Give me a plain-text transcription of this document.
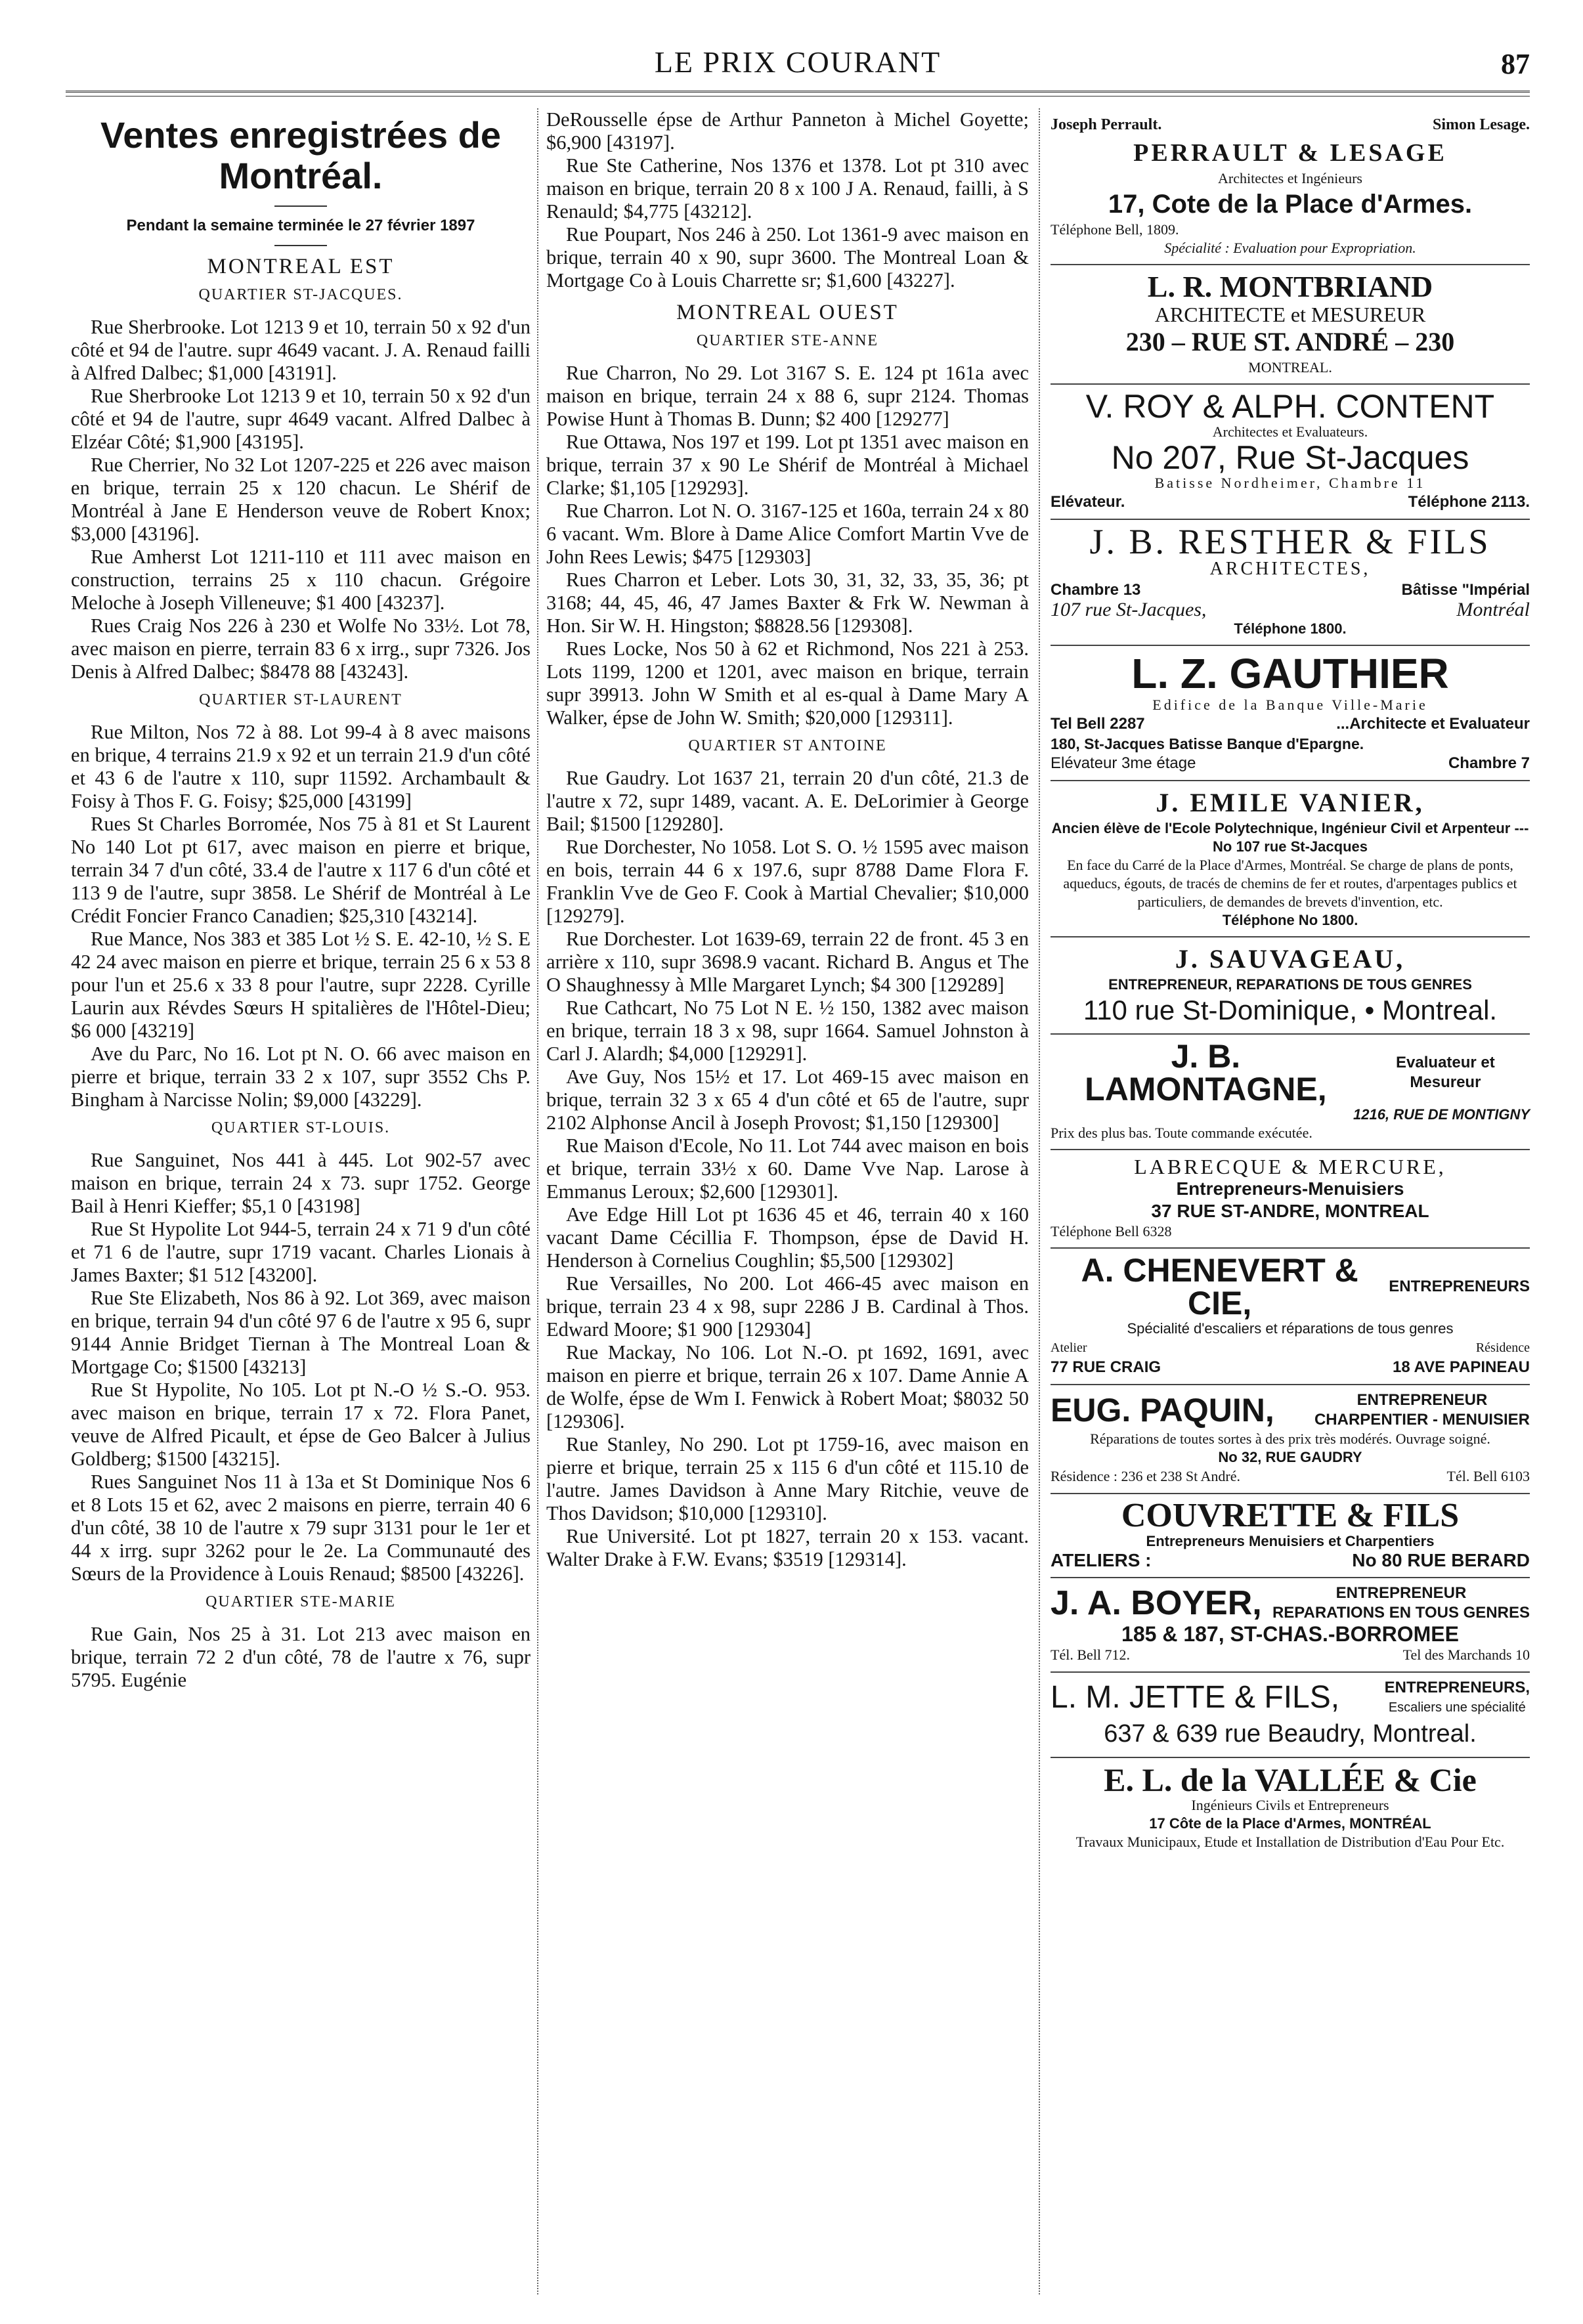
LE PRIX COURANT	87
Ventes enregistrées de Montréal.
Pendant la semaine terminée le 27 février 1897
MONTREAL EST
QUARTIER ST-JACQUES.

Rue Sherbrooke. Lot 1213 9 et 10, terrain 50 x 92 d'un côté et 94 de l'autre. supr 4649 vacant. J. A. Renaud failli à Alfred Dalbec; $1,000 [43191].

Rue Sherbrooke Lot 1213 9 et 10, terrain 50 x 92 d'un côté et 94 de l'autre, supr 4649 vacant. Alfred Dalbec à Elzéar Côté; $1,900 [43195].

Rue Cherrier, No 32 Lot 1207-225 et 226 avec maison en brique, terrain 25 x 120 chacun. Le Shérif de Montréal à Jane E Henderson veuve de Robert Knox; $3,000 [43196].

Rue Amherst Lot 1211-110 et 111 avec maison en construction, terrains 25 x 110 chacun. Grégoire Meloche à Joseph Villeneuve; $1 400 [43237].

Rues Craig Nos 226 à 230 et Wolfe No 33½. Lot 78, avec maison en pierre, terrain 83 6 x irrg., supr 7326. Jos Denis à Alfred Dalbec; $8478 88 [43243].

QUARTIER ST-LAURENT

Rue Milton, Nos 72 à 88. Lot 99-4 à 8 avec maisons en brique, 4 terrains 21.9 x 92 et un terrain 21.9 d'un côté et 43 6 de l'autre x 110, supr 11592. Archambault & Foisy à Thos F. G. Foisy; $25,000 [43199]

Rues St Charles Borromée, Nos 75 à 81 et St Laurent No 140 Lot pt 617, avec maison en pierre et brique, terrain 34 7 d'un côté, 33.4 de l'autre x 117 6 d'un côté et 113 9 de l'autre, supr 3858. Le Shérif de Montréal à Le Crédit Foncier Franco Canadien; $25,310 [43214].

Rue Mance, Nos 383 et 385 Lot ½ S. E. 42-10, ½ S. E 42 24 avec maison en pierre et brique, terrain 25 6 x 53 8 pour l'un et 25.6 x 33 8 pour l'autre, supr 2228. Cyrille Laurin aux Révdes Sœurs H spitalières de l'Hôtel-Dieu; $6 000 [43219]

Ave du Parc, No 16. Lot pt N. O. 66 avec maison en pierre et brique, terrain 33 2 x 107, supr 3552 Chs P. Bingham à Narcisse Nolin; $9,000 [43229].

QUARTIER ST-LOUIS.

Rue Sanguinet, Nos 441 à 445. Lot 902-57 avec maison en brique, terrain 24 x 73. supr 1752. George Bail à Henri Kieffer; $5,1 0 [43198]

Rue St Hypolite Lot 944-5, terrain 24 x 71 9 d'un côté et 71 6 de l'autre, supr 1719 vacant. Charles Lionais à James Baxter; $1 512 [43200].

Rue Ste Elizabeth, Nos 86 à 92. Lot 369, avec maison en brique, terrain 94 d'un côté 97 6 de l'autre x 95 6, supr 9144 Annie Bridget Tiernan à The Montreal Loan & Mortgage Co; $1500 [43213]

Rue St Hypolite, No 105. Lot pt N.-O ½ S.-O. 953. avec maison en brique, terrain 17 x 72. Flora Panet, veuve de Alfred Picault, et épse de Geo Balcer à Julius Goldberg; $1500 [43215].

Rues Sanguinet Nos 11 à 13a et St Dominique Nos 6 et 8 Lots 15 et 62, avec 2 maisons en pierre, terrain 40 6 d'un côté, 38 10 de l'autre x 79 supr 3131 pour le 1er et 44 x irrg. supr 3262 pour le 2e. La Communauté des Sœurs de la Providence à Louis Renaud; $8500 [43226].

QUARTIER STE-MARIE

Rue Gain, Nos 25 à 31. Lot 213 avec maison en brique, terrain 72 2 d'un côté, 78 de l'autre x 76, supr 5795. Eugénie

DeRousselle épse de Arthur Panneton à Michel Goyette; $6,900 [43197].

Rue Ste Catherine, Nos 1376 et 1378. Lot pt 310 avec maison en brique, terrain 20 8 x 100 J A. Renaud, failli, à S Renauld; $4,775 [43212].

Rue Poupart, Nos 246 à 250. Lot 1361-9 avec maison en brique, terrain 40 x 90, supr 3600. The Montreal Loan & Mortgage Co à Louis Charrette sr; $1,600 [43227].

MONTREAL OUEST
QUARTIER STE-ANNE

Rue Charron, No 29. Lot 3167 S. E. 124 pt 161a avec maison en brique, terrain 24 x 88 6, supr 2124. Thomas Powise Hunt à Thomas B. Dunn; $2 400 [129277]

Rue Ottawa, Nos 197 et 199. Lot pt 1351 avec maison en brique, terrain 37 x 90 Le Shérif de Montréal à Michael Clarke; $1,105 [129293].

Rue Charron. Lot N. O. 3167-125 et 160a, terrain 24 x 80 6 vacant. Wm. Blore à Dame Alice Comfort Martin Vve de John Rees Lewis; $475 [129303]

Rues Charron et Leber. Lots 30, 31, 32, 33, 35, 36; pt 3168; 44, 45, 46, 47 James Baxter & Frk W. Newman à Hon. Sir W. H. Hingston; $8828.56 [129308].

Rues Locke, Nos 50 à 62 et Richmond, Nos 221 à 253. Lots 1199, 1200 et 1201, avec maison en brique, terrain supr 39913. John W Smith et al es-qual à Dame Mary A Walker, épse de John W. Smith; $20,000 [129311].

QUARTIER ST ANTOINE

Rue Gaudry. Lot 1637 21, terrain 20 d'un côté, 21.3 de l'autre x 72, supr 1489, vacant. A. E. DeLorimier à George Bail; $1500 [129280].

Rue Dorchester, No 1058. Lot S. O. ½ 1595 avec maison en bois, terrain 44 6 x 197.6, supr 8788 Dame Flora F. Franklin Vve de Geo F. Cook à Martial Chevalier; $10,000 [129279].

Rue Dorchester. Lot 1639-69, terrain 22 de front. 45 3 en arrière x 110, supr 3698.9 vacant. Richard B. Angus et The O Shaughnessy à Mlle Margaret Lynch; $4 300 [129289]

Rue Cathcart, No 75 Lot N E. ½ 150, 1382 avec maison en brique, terrain 18 3 x 98, supr 1664. Samuel Johnston à Carl J. Alardh; $4,000 [129291].

Ave Guy, Nos 15½ et 17. Lot 469-15 avec maison en brique, terrain 32 3 x 65 4 d'un côté et 65 de l'autre, supr 2102 Alphonse Ancil à Joseph Provost; $1,150 [129300]

Rue Maison d'Ecole, No 11. Lot 744 avec maison en bois et brique, terrain 33½ x 60. Dame Vve Nap. Larose à Emmanus Leroux; $2,600 [129301].

Ave Edge Hill Lot pt 1636 45 et 46, terrain 40 x 160 vacant Dame Cécillia F. Thompson, épse de David H. Henderson à Cornelius Coughlin; $5,500 [129302]

Rue Versailles, No 200. Lot 466-45 avec maison en brique, terrain 23 4 x 98, supr 2286 J B. Cardinal à Thos. Edward Moore; $1 900 [129304]

Rue Mackay, No 106. Lot N.-O. pt 1692, 1691, avec maison en pierre et brique, terrain 26 x 107. Dame Annie A de Wolfe, épse de Wm I. Fenwick à Robert Moat; $8032 50 [129306].

Rue Stanley, No 290. Lot pt 1759-16, avec maison en pierre et brique, terrain 25 x 115 6 d'un côté et 115.10 de l'autre. James Davidson à Anne Mary Ritchie, veuve de Thos Davidson; $10,000 [129310].

Rue Université. Lot pt 1827, terrain 20 x 153. vacant. Walter Drake à F.W. Evans; $3519 [129314].

Joseph Perrault.	Simon Lesage.
PERRAULT & LESAGE
Architectes et Ingénieurs
17, Cote de la Place d'Armes.
Téléphone Bell, 1809.
Spécialité : Evaluation pour Expropriation.
L. R. MONTBRIAND
ARCHITECTE et MESUREUR
230 – RUE ST. ANDRÉ – 230
MONTREAL.
V. ROY & ALPH. CONTENT
Architectes et Evaluateurs.
No 207, Rue St-Jacques
Batisse Nordheimer, Chambre 11
Elévateur.	Téléphone 2113.
J. B. RESTHER & FILS
ARCHITECTES,
Chambre 13	Bâtisse "Impérial
107 rue St-Jacques,	Montréal
Téléphone 1800.
L. Z. GAUTHIER
Edifice de la Banque Ville-Marie
Tel Bell 2287	...Architecte et Evaluateur
180, St-Jacques Batisse Banque d'Epargne.
Elévateur 3me étage	Chambre 7
J. EMILE VANIER,
Ancien élève de l'Ecole Polytechnique, Ingénieur Civil et Arpenteur --- No 107 rue St-Jacques
En face du Carré de la Place d'Armes, Montréal. Se charge de plans de ponts, aqueducs, égouts, de tracés de chemins de fer et routes, d'arpentages publics et particuliers, de demandes de brevets d'invention, etc.
Téléphone No 1800.
J. SAUVAGEAU,
ENTREPRENEUR, REPARATIONS DE TOUS GENRES
110 rue St-Dominique, • Montreal.
J. B. LAMONTAGNE,
Evaluateur et Mesureur
1216, RUE DE MONTIGNY
Prix des plus bas. Toute commande exécutée.
LABRECQUE & MERCURE,
Entrepreneurs-Menuisiers
37 RUE ST-ANDRE, MONTREAL
Téléphone Bell 6328
A. CHENEVERT & CIE,	ENTREPRENEURS
Spécialité d'escaliers et réparations de tous genres
Atelier	Résidence
77 RUE CRAIG	18 AVE PAPINEAU
EUG. PAQUIN,	ENTREPRENEUR
CHARPENTIER - MENUISIER
Réparations de toutes sortes à des prix très modérés. Ouvrage soigné.
No 32, RUE GAUDRY
Résidence : 236 et 238 St André.	Tél. Bell 6103
COUVRETTE & FILS
Entrepreneurs Menuisiers et Charpentiers
ATELIERS :	No 80 RUE BERARD
J. A. BOYER,	ENTREPRENEUR
REPARATIONS EN TOUS GENRES
185 & 187, ST-CHAS.-BORROMEE
Tél. Bell 712.	Tel des Marchands 10
L. M. JETTE & FILS,	ENTREPRENEURS,
Escaliers une spécialité
637 & 639 rue Beaudry, Montreal.
E. L. de la VALLÉE & Cie
Ingénieurs Civils et Entrepreneurs
17 Côte de la Place d'Armes, MONTRÉAL
Travaux Municipaux, Etude et Installation de Distribution d'Eau Pour Etc.
